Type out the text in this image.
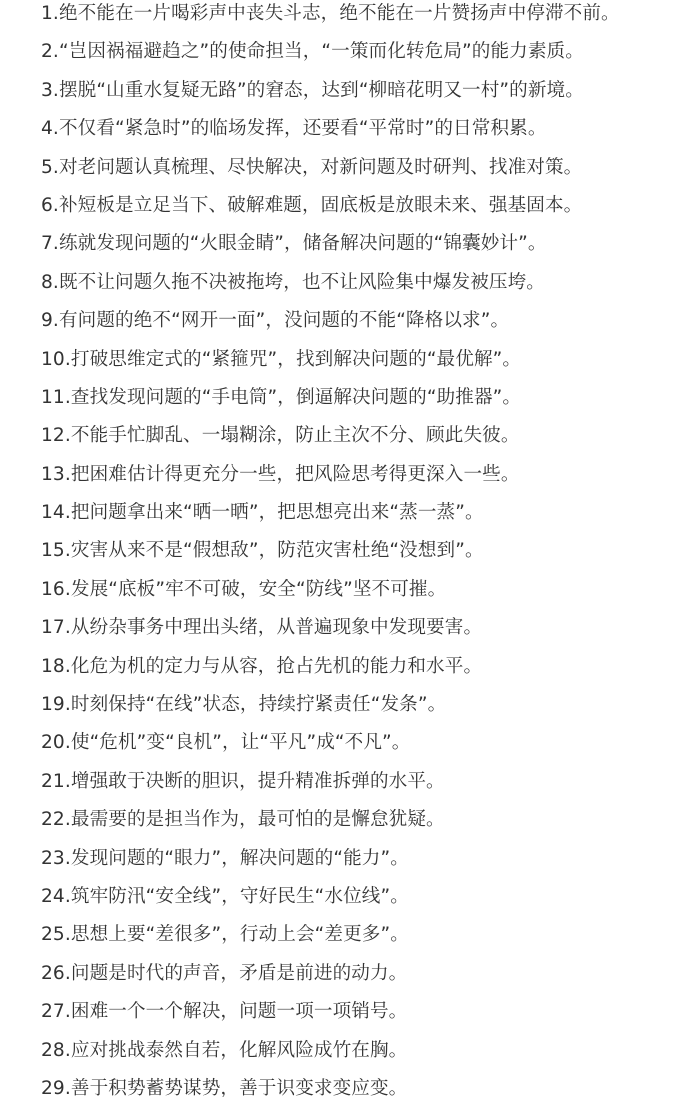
1.绝不能在一片喝彩声中丧失斗志，绝不能在一片赞扬声中停滞不前。
2.“岂因祸福避趋之”的使命担当，“一策而化转危局”的能力素质。
3.摆脱“山重水复疑无路”的窘态，达到“柳暗花明又一村”的新境。
4.不仅看“紧急时”的临场发挥，还要看“平常时”的日常积累。
5.对老问题认真梳理、尽快解决，对新问题及时研判、找准对策。
6.补短板是立足当下、破解难题，固底板是放眼未来、强基固本。
7.练就发现问题的“火眼金睛”，储备解决问题的“锦囊妙计”。
8.既不让问题久拖不决被拖垮，也不让风险集中爆发被压垮。
9.有问题的绝不“网开一面”，没问题的不能“降格以求”。
10.打破思维定式的“紧箍咒”，找到解决问题的“最优解”。
11.查找发现问题的“手电筒”，倒逼解决问题的“助推器”。
12.不能手忙脚乱、一塌糊涂，防止主次不分、顾此失彼。
13.把困难估计得更充分一些，把风险思考得更深入一些。
14.把问题拿出来“晒一晒”，把思想亮出来“蒸一蒸”。
15.灾害从来不是“假想敌”，防范灾害杜绝“没想到”。
16.发展“底板”牢不可破，安全“防线”坚不可摧。
17.从纷杂事务中理出头绪，从普遍现象中发现要害。
18.化危为机的定力与从容，抢占先机的能力和水平。
19.时刻保持“在线”状态，持续拧紧责任“发条”。
20.使“危机”变“良机”，让“平凡”成“不凡”。
21.增强敢于决断的胆识，提升精准拆弹的水平。
22.最需要的是担当作为，最可怕的是懈怠犹疑。
23.发现问题的“眼力”，解决问题的“能力”。
24.筑牢防汛“安全线”，守好民生“水位线”。
25.思想上要“差很多”，行动上会“差更多”。
26.问题是时代的声音，矛盾是前进的动力。
27.困难一个一个解决，问题一项一项销号。
28.应对挑战泰然自若，化解风险成竹在胸。
29.善于积势蓄势谋势，善于识变求变应变。
